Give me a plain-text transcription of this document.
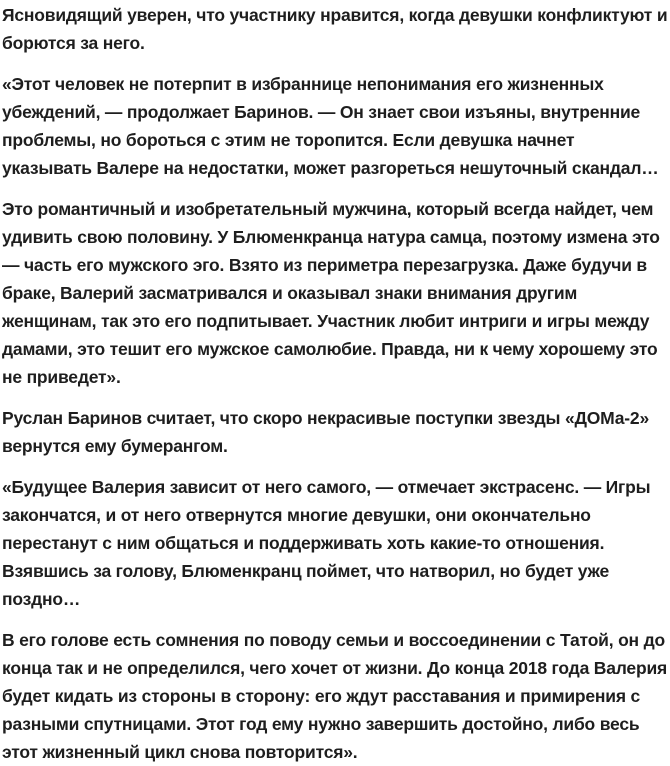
Ясновидящий уверен, что участнику нравится, когда девушки конфликтуют и борются за него.

«Этот человек не потерпит в избраннице непонимания его жизненных убеждений, — продолжает Баринов. — Он знает свои изъяны, внутренние проблемы, но бороться с этим не торопится. Если девушка начнет указывать Валере на недостатки, может разгореться нешуточный скандал…

Это романтичный и изобретательный мужчина, который всегда найдет, чем удивить свою половину. У Блюменкранца натура самца, поэтому измена это — часть его мужского эго. Взято из периметра перезагрузка. Даже будучи в браке, Валерий засматривался и оказывал знаки внимания другим женщинам, так это его подпитывает. Участник любит интриги и игры между дамами, это тешит его мужское самолюбие. Правда, ни к чему хорошему это не приведет».

Руслан Баринов считает, что скоро некрасивые поступки звезды «ДОМа-2» вернутся ему бумерангом.

«Будущее Валерия зависит от него самого, — отмечает экстрасенс. — Игры закончатся, и от него отвернутся многие девушки, они окончательно перестанут с ним общаться и поддерживать хоть какие-то отношения. Взявшись за голову, Блюменкранц поймет, что натворил, но будет уже поздно…

В его голове есть сомнения по поводу семьи и воссоединении с Татой, он до конца так и не определился, чего хочет от жизни. До конца 2018 года Валерия будет кидать из стороны в сторону: его ждут расставания и примирения с разными спутницами. Этот год ему нужно завершить достойно, либо весь этот жизненный цикл снова повторится».
